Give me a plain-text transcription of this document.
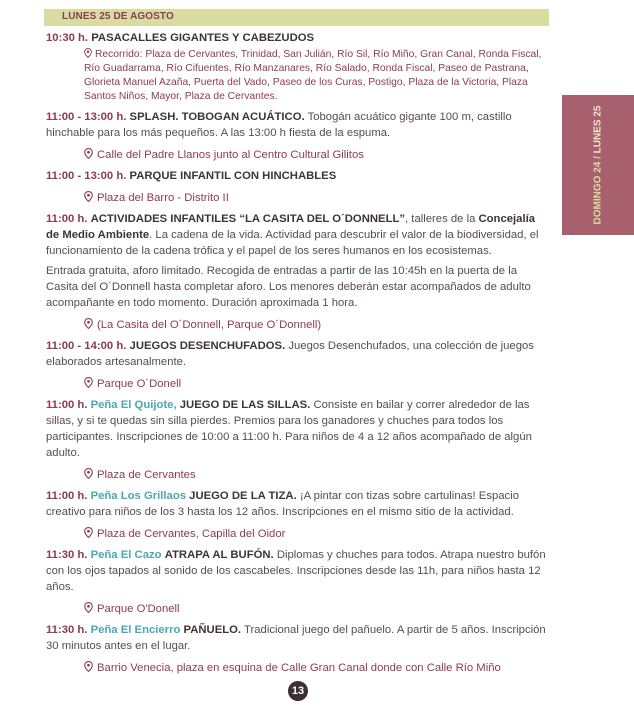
LUNES 25 DE AGOSTO
DOMINGO 24 / LUNES 25
10:30 h. PASACALLES GIGANTES Y CABEZUDOS
Recorrido: Plaza de Cervantes, Trinidad, San Julián, Río Sil, Río Miño, Gran Canal, Ronda Fiscal, Río Guadarrama, Río Cifuentes, Río Manzanares, Río Salado, Ronda Fiscal, Paseo de Pastrana, Glorieta Manuel Azaña, Puerta del Vado, Paseo de los Curas, Postigo, Plaza de la Victoria, Plaza Santos Niños, Mayor, Plaza de Cervantes.
11:00 - 13:00 h. SPLASH. TOBOGAN ACUÁTICO. Tobogán acuático gigante 100 m, castillo hinchable para los más pequeños. A las 13:00 h fiesta de la espuma.
Calle del Padre Llanos junto al Centro Cultural Gilitos
11:00 - 13:00 h. PARQUE INFANTIL CON HINCHABLES
Plaza del Barro - Distrito II
11:00 h. ACTIVIDADES INFANTILES “LA CASITA DEL O´DONNELL”, talleres de la Concejalía de Medio Ambiente. La cadena de la vida. Actividad para descubrir el valor de la biodiversidad, el funcionamiento de la cadena trófica y el papel de los seres humanos en los ecosistemas.
Entrada gratuita, aforo limitado. Recogida de entradas a partir de las 10:45h en la puerta de la Casita del O´Donnell hasta completar aforo. Los menores deberán estar acompañados de adulto acompañante en todo momento. Duración aproximada 1 hora.
(La Casita del O´Donnell, Parque O´Donnell)
11:00 - 14:00 h. JUEGOS DESENCHUFADOS. Juegos Desenchufados, una colección de juegos elaborados artesanalmente.
Parque O´Donell
11:00 h. Peña El Quijote, JUEGO DE LAS SILLAS. Consiste en bailar y correr alrededor de las sillas, y si te quedas sin silla pierdes. Premios para los ganadores y chuches para todos los participantes. Inscripciones de 10:00 a 11:00 h. Para niños de 4 a 12 años acompañado de algún adulto.
Plaza de Cervantes
11:00 h. Peña Los Grillaos JUEGO DE LA TIZA. ¡A pintar con tizas sobre cartulinas! Espacio creativo para niños de los 3 hasta los 12 años. Inscripciones en el mismo sitio de la actividad.
Plaza de Cervantes, Capilla del Oidor
11:30 h. Peña El Cazo ATRAPA AL BUFÓN. Diplomas y chuches para todos. Atrapa nuestro bufón con los ojos tapados al sonido de los cascabeles. Inscripciones desde las 11h, para niños hasta 12 años.
Parque O'Donell
11:30 h. Peña El Encierro PAÑUELO. Tradicional juego del pañuelo. A partir de 5 años. Inscripción 30 minutos antes en el lugar.
Barrio Venecia, plaza en esquina de Calle Gran Canal donde con Calle Río Miño
13
